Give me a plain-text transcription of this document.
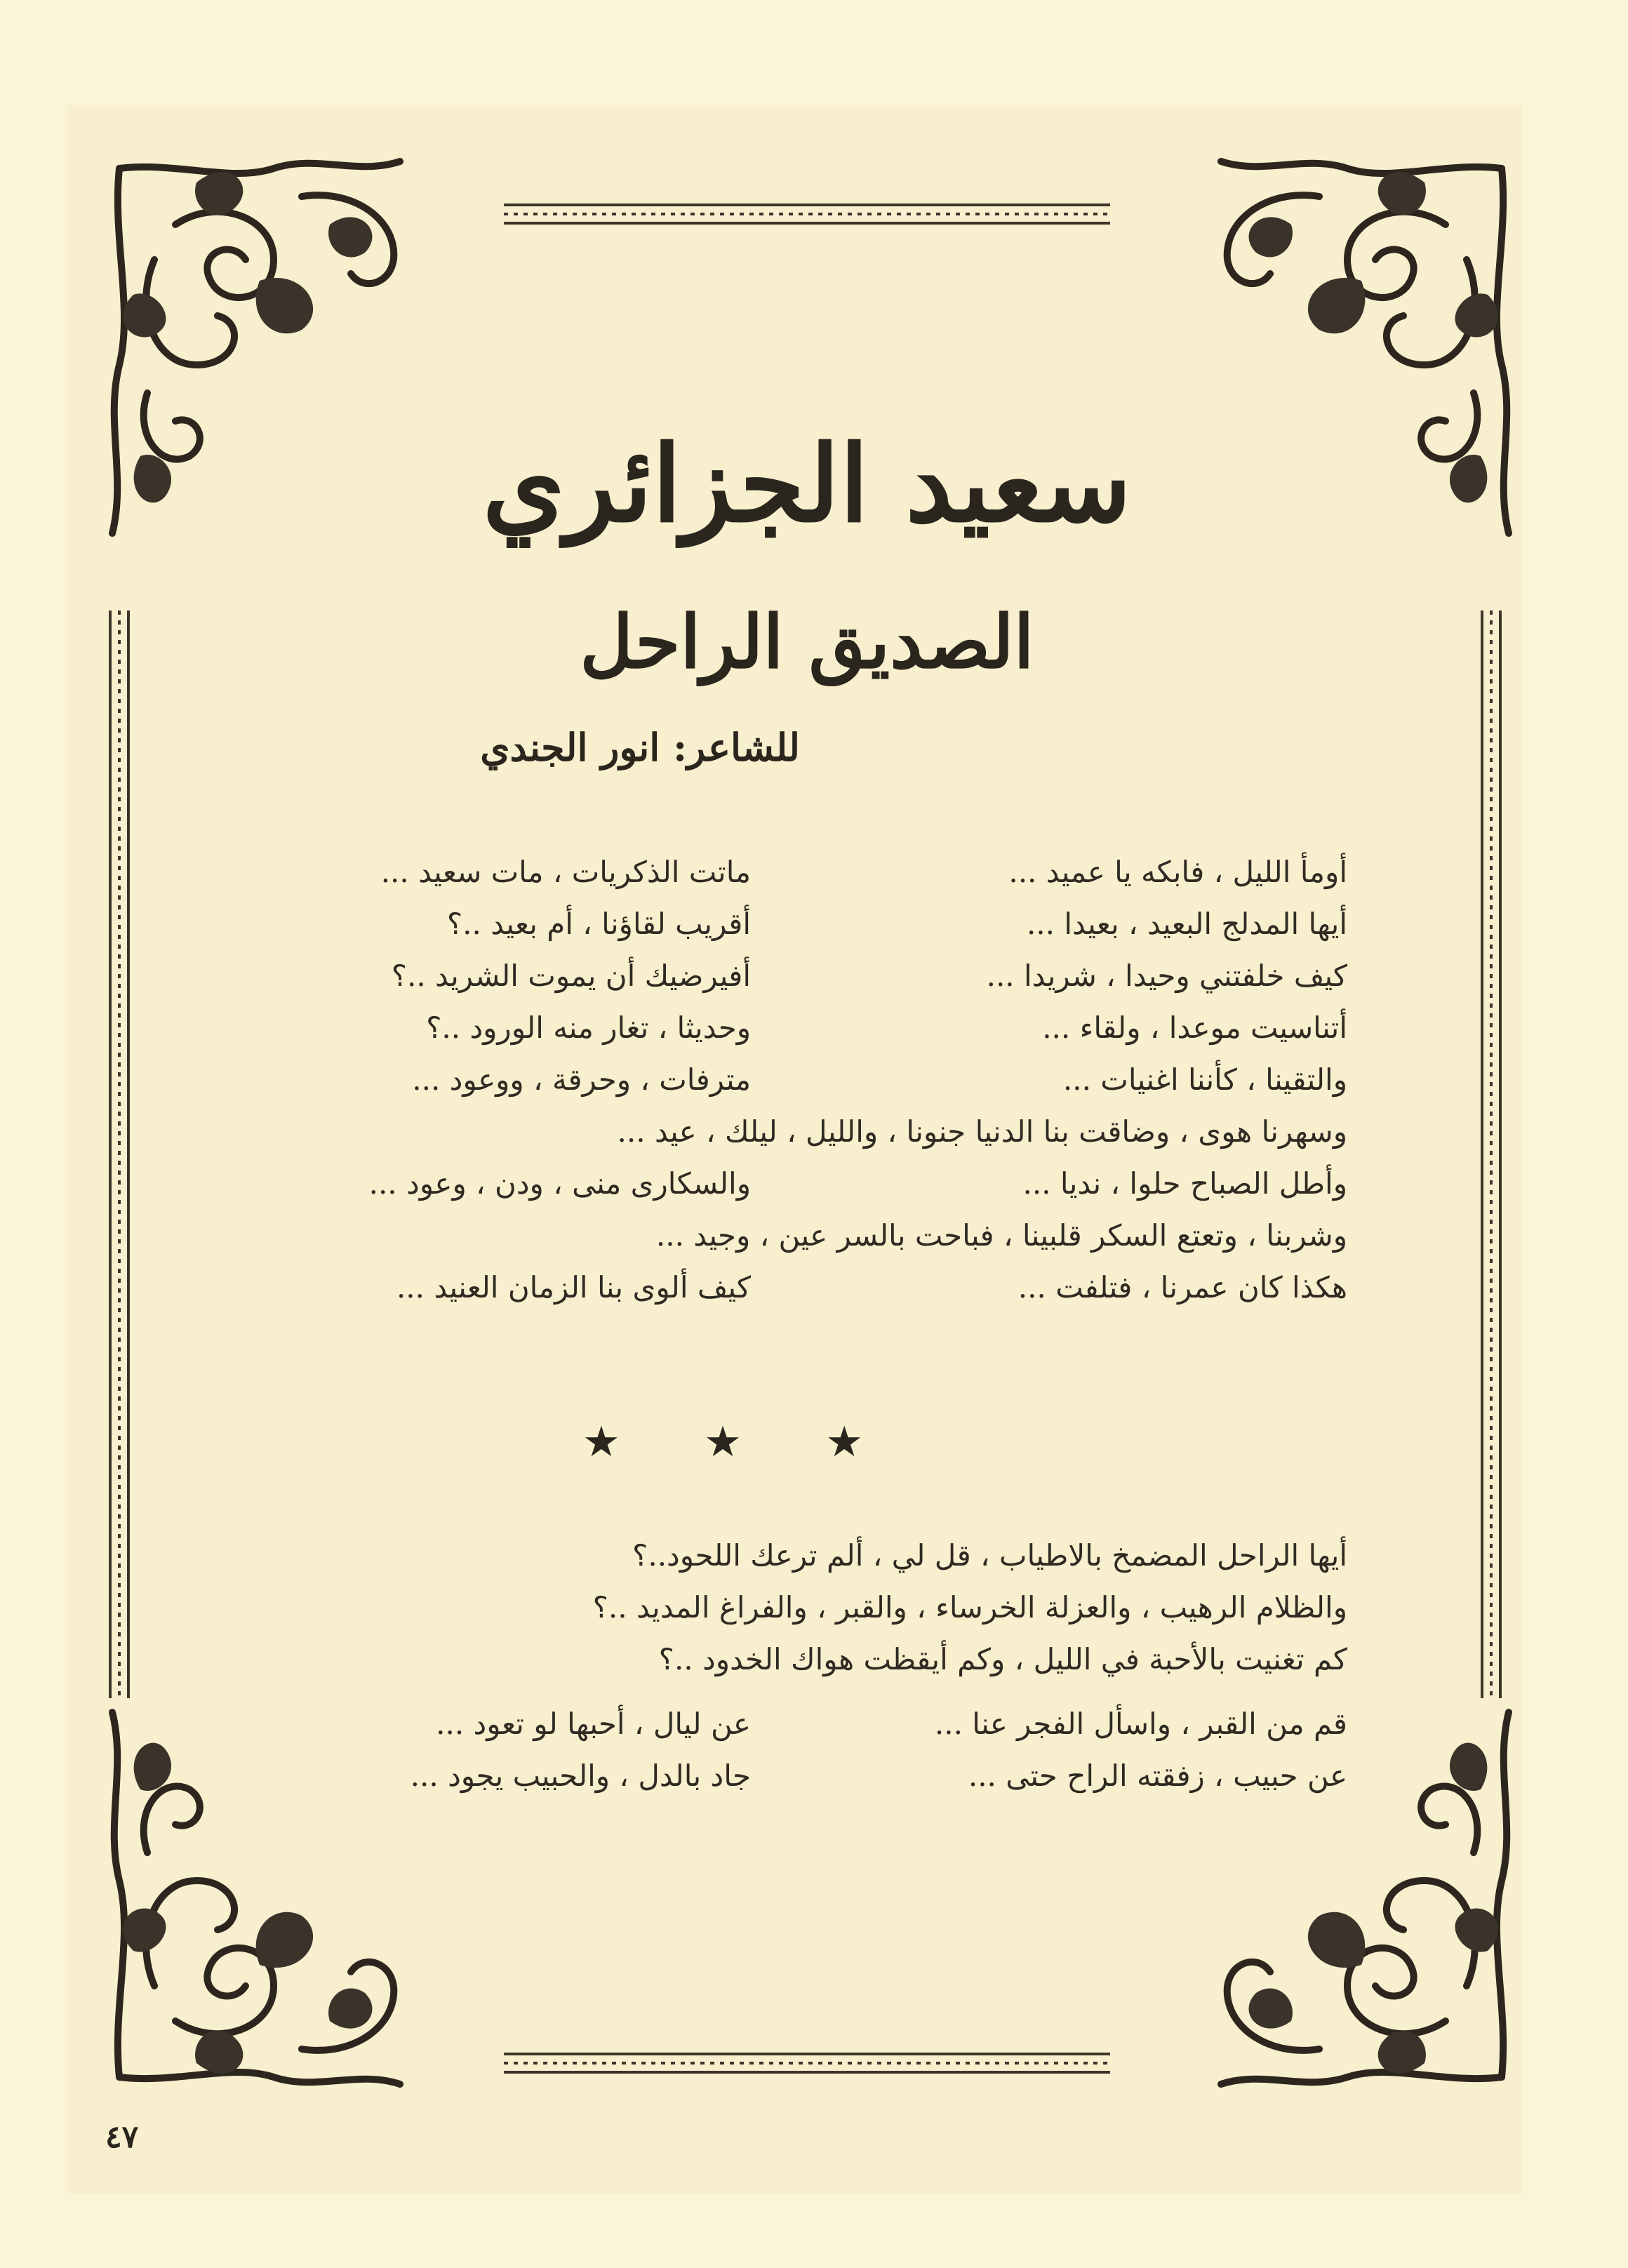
سعيد الجزائري
الصديق الراحل
للشاعر: انور الجندي
أومأ الليل ، فابكه يا عميد ...
ماتت الذكريات ، مات سعيد ...
أيها المدلج البعيد ، بعيدا ...
أقريب لقاؤنا ، أم بعيد ..؟
كيف خلفتني وحيدا ، شريدا ...
أفيرضيك أن يموت الشريد ..؟
أتناسيت موعدا ، ولقاء ...
وحديثا ، تغار منه الورود ..؟
والتقينا ، كأننا اغنيات ...
مترفات ، وحرقة ، ووعود ...
وسهرنا هوى ، وضاقت بنا الدنيا جنونا ، والليل ، ليلك ، عيد ...
وأطل الصباح حلوا ، نديا ...
والسكارى منى ، ودن ، وعود ...
وشربنا ، وتعتع السكر قلبينا ، فباحت بالسر عين ، وجيد ...
هكذا كان عمرنا ، فتلفت ...
كيف ألوى بنا الزمان العنيد ...
★ ★ ★
أيها الراحل المضمخ بالاطياب ، قل لي ، ألم ترعك اللحود..؟
والظلام الرهيب ، والعزلة الخرساء ، والقبر ، والفراغ المديد ..؟
كم تغنيت بالأحبة في الليل ، وكم أيقظت هواك الخدود ..؟
قم من القبر ، واسأل الفجر عنا ...
عن ليال ، أحبها لو تعود ...
عن حبيب ، زفقته الراح حتى ...
جاد بالدل ، والحبيب يجود ...
٤٧
